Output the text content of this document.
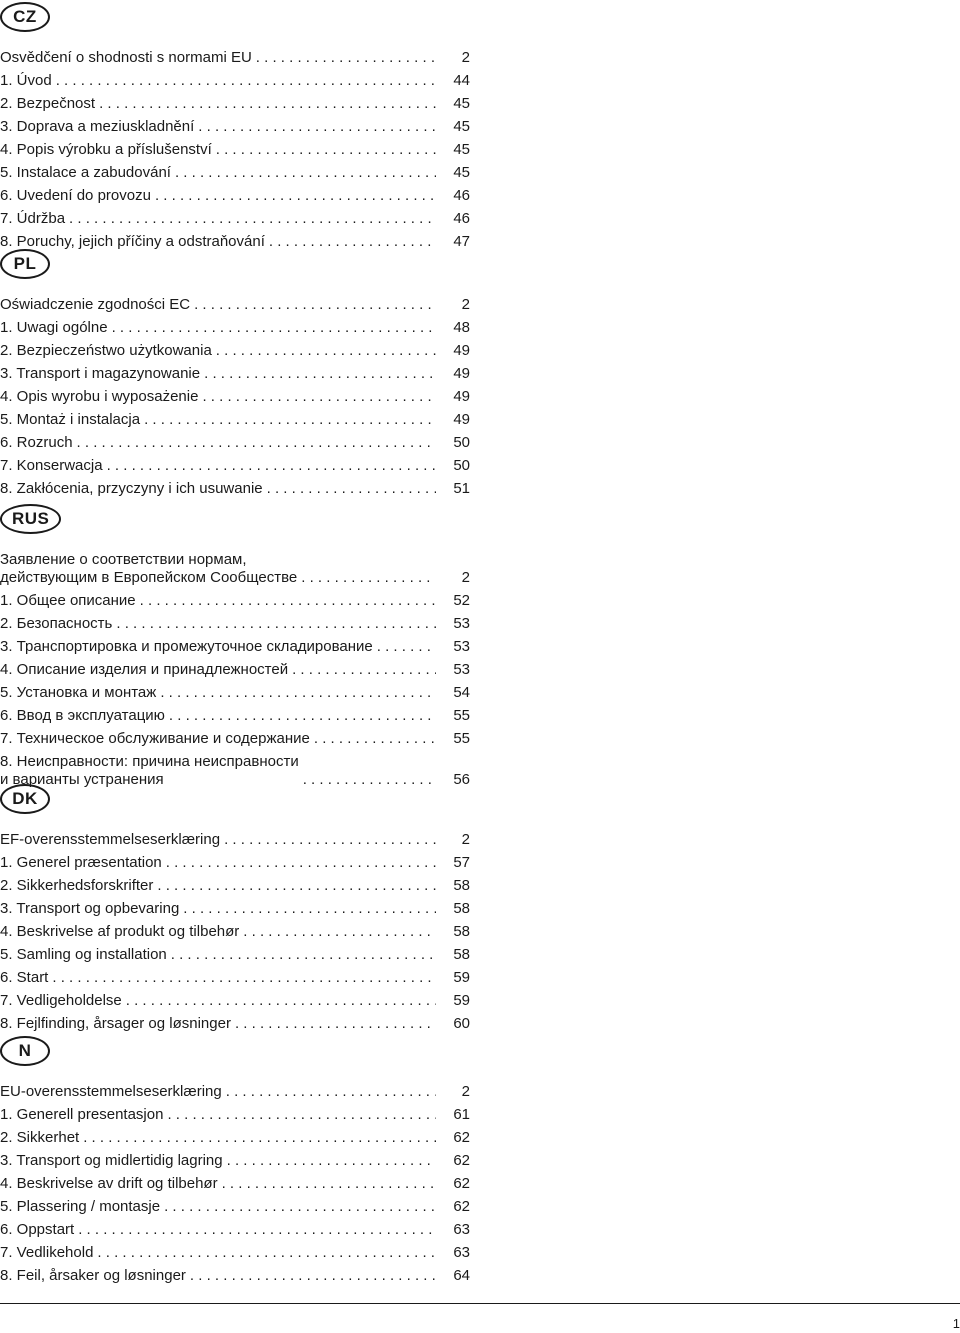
CZ
Osvědčení o shodnosti s normami EU . . .	2
1. Úvod . . .	44
2. Bezpečnost . . .	45
3. Doprava a meziuskladnění . . .	45
4. Popis výrobku a příslušenství . . .	45
5. Instalace a zabudování . . .	45
6. Uvedení do provozu . . .	46
7. Údržba . . .	46
8. Poruchy, jejich příčiny a odstraňování . . .	47
PL
Oświadczenie zgodności EC . . .	2
1. Uwagi ogólne . . .	48
2. Bezpieczeństwo użytkowania . . .	49
3. Transport i magazynowanie . . .	49
4. Opis wyrobu i wyposażenie . . .	49
5. Montaż i instalacja . . .	49
6. Rozruch . . .	50
7. Konserwacja . . .	50
8. Zakłócenia, przyczyny i ich usuwanie . . .	51
RUS
Заявление о соответствии нормам,
действующим в Европейском Сообществе . . .	2
1. Общее описание . . .	52
2. Безопасность . . .	53
3. Транспортировка и промежуточное складирование . . .	53
4. Описание изделия и принадлежностей . . .	53
5. Установка и монтаж . . .	54
6. Ввод в эксплуатацию . . .	55
7. Техническое обслуживание и содержание . . .	55
8. Неисправности: причина неисправности
и варианты устранения . . .	56
DK
EF-overensstemmelseserklæring . . .	2
1. Generel præsentation . . .	57
2. Sikkerhedsforskrifter . . .	58
3. Transport og opbevaring . . .	58
4. Beskrivelse af produkt og tilbehør . . .	58
5. Samling og installation . . .	58
6. Start . . .	59
7. Vedligeholdelse . . .	59
8. Fejlfinding, årsager og løsninger . . .	60
N
EU-overensstemmelseserklæring . . .	2
1. Generell presentasjon . . .	61
2. Sikkerhet . . .	62
3. Transport og midlertidig lagring . . .	62
4. Beskrivelse av drift og tilbehør . . .	62
5. Plassering / montasje . . .	62
6. Oppstart . . .	63
7. Vedlikehold . . .	63
8. Feil, årsaker og løsninger . . .	64
1
